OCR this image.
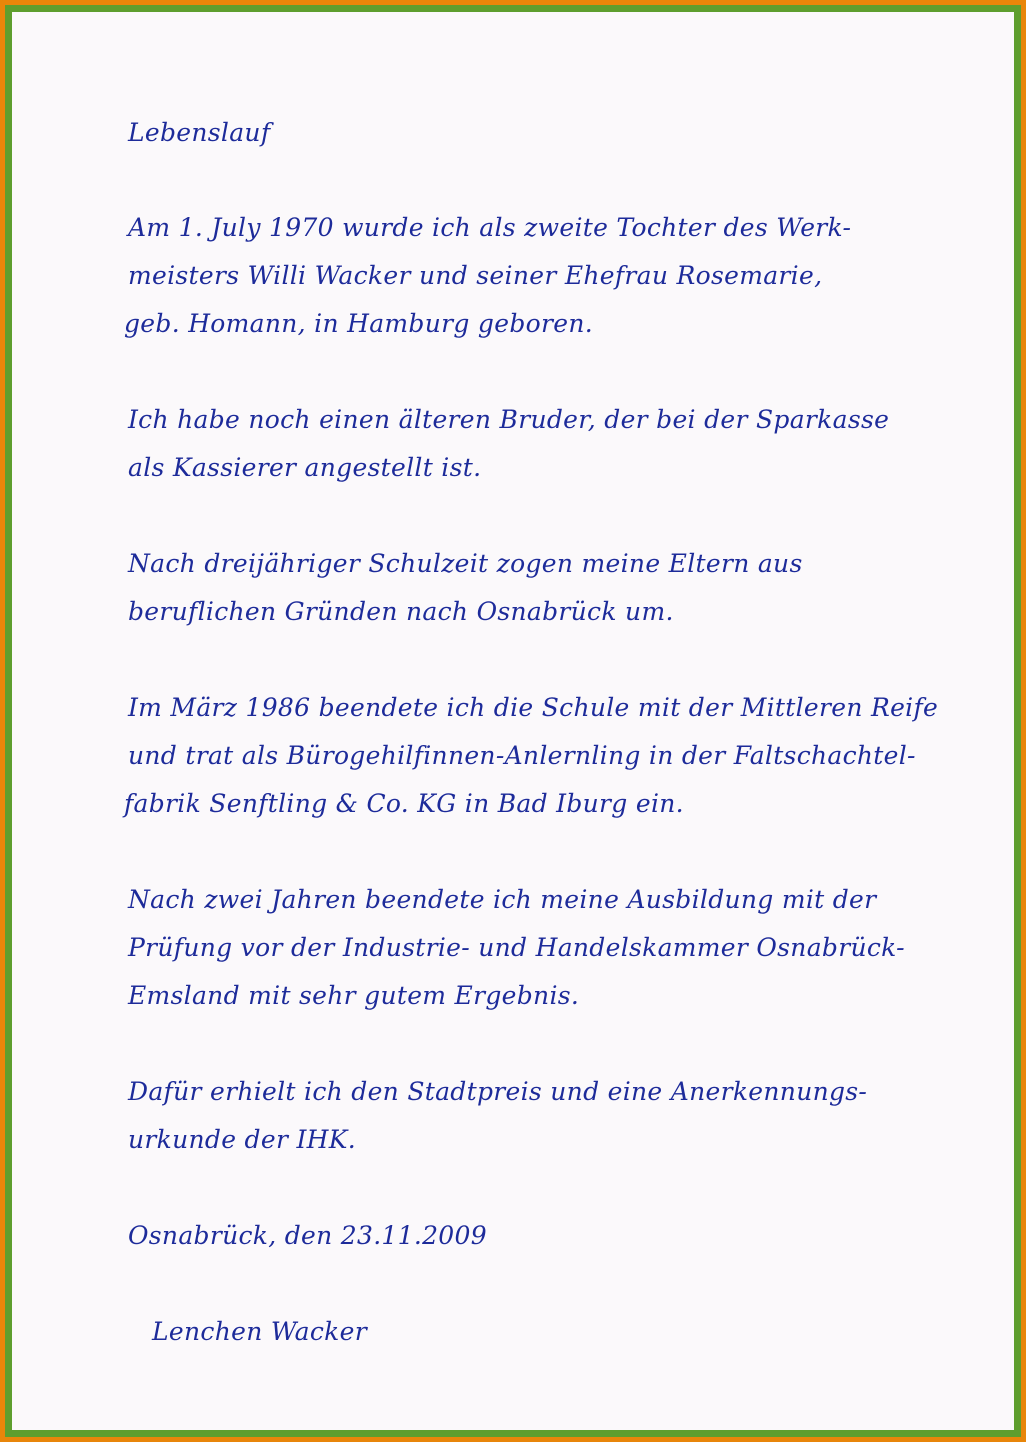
Lebenslauf

Am 1. July 1970 wurde ich als zweite Tochter des Werk-

meisters Willi Wacker und seiner Ehefrau Rosemarie,

geb. Homann, in Hamburg geboren.

Ich habe noch einen älteren Bruder, der bei der Sparkasse

als Kassierer angestellt ist.

Nach dreijähriger Schulzeit zogen meine Eltern aus

beruflichen Gründen nach Osnabrück um.

Im März 1986 beendete ich die Schule mit der Mittleren Reife

und trat als Bürogehilfinnen-Anlernling in der Faltschachtel-

fabrik Senftling & Co. KG in Bad Iburg ein.

Nach zwei Jahren beendete ich meine Ausbildung mit der

Prüfung vor der Industrie- und Handelskammer Osnabrück-

Emsland mit sehr gutem Ergebnis.

Dafür erhielt ich den Stadtpreis und eine Anerkennungs-

urkunde der IHK.

Osnabrück, den 23.11.2009

Lenchen Wacker
